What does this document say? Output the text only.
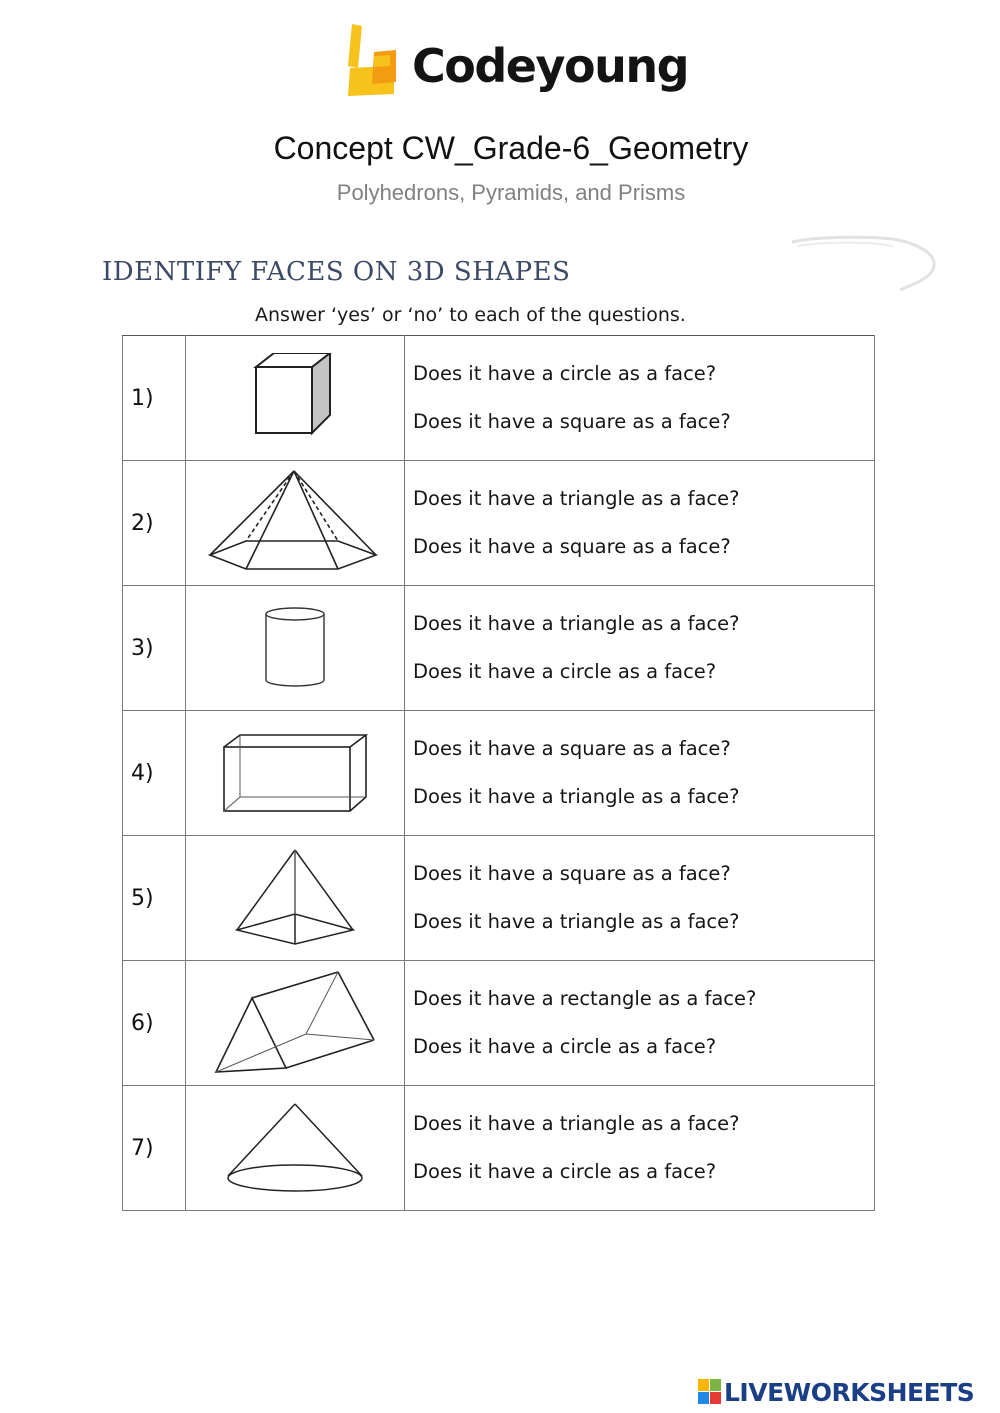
Codeyoung
Concept CW_Grade-6_Geometry
Polyhedrons, Pyramids, and Prisms
IDENTIFY FACES ON 3D SHAPES
Answer ‘yes’ or ‘no’ to each of the questions.
1)		Does it have a circle as a face?
Does it have a square as a face?

2)		Does it have a triangle as a face?
Does it have a square as a face?

3)		Does it have a triangle as a face?
Does it have a circle as a face?

4)		Does it have a square as a face?
Does it have a triangle as a face?

5)		Does it have a square as a face?
Does it have a triangle as a face?

6)		Does it have a rectangle as a face?
Does it have a circle as a face?

7)		Does it have a triangle as a face?
Does it have a circle as a face?
LIVEWORKSHEETS
